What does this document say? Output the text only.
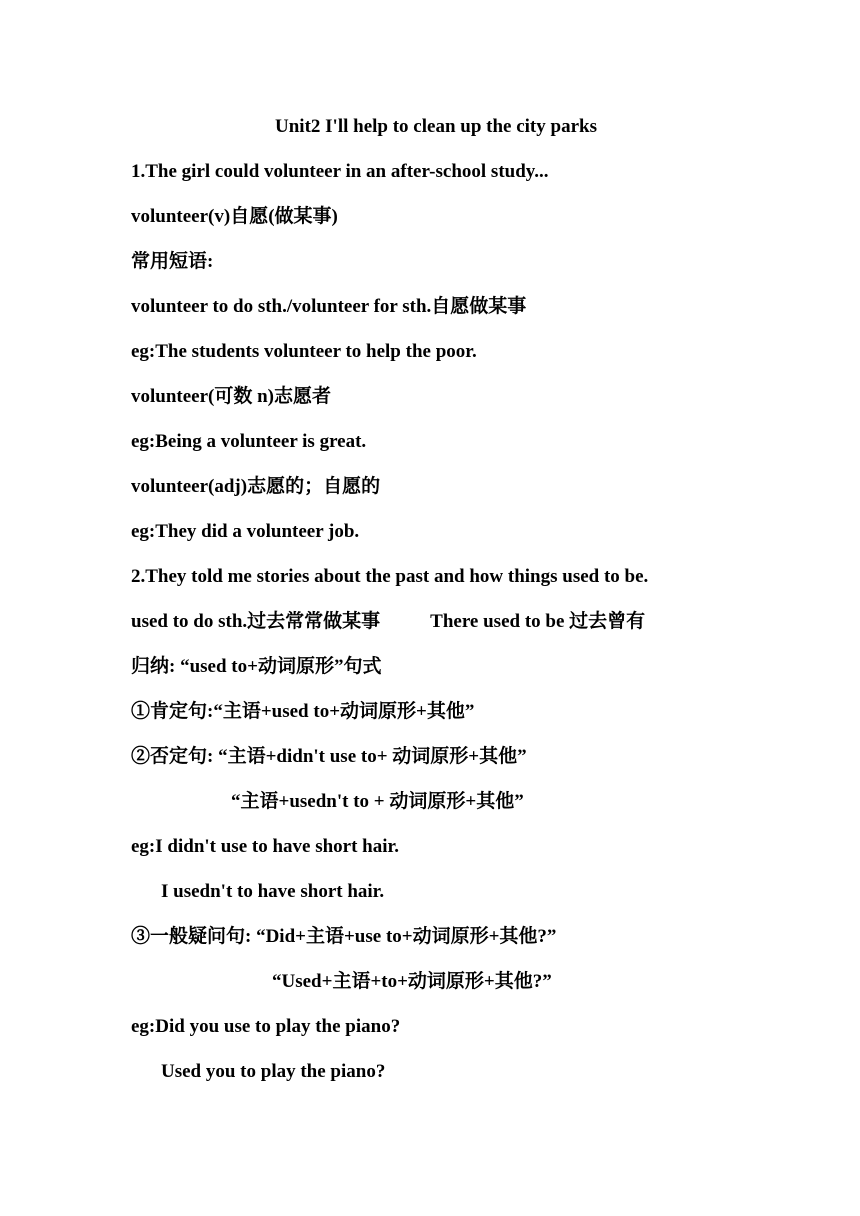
Unit2 I'll help to clean up the city parks
1.The girl could volunteer in an after-school study...
volunteer(v)自愿(做某事)
常用短语:
volunteer to do sth./volunteer for sth.自愿做某事
eg:The students volunteer to help the poor.
volunteer(可数 n)志愿者
eg:Being a volunteer is great.
volunteer(adj)志愿的；自愿的
eg:They did a volunteer job.
2.They told me stories about the past and how things used to be.
used to do sth.过去常常做某事	There used to be 过去曾有
归纳: “used to+动词原形”句式
①肯定句:“主语+used to+动词原形+其他”
②否定句: “主语+didn't use to+ 动词原形+其他”
“主语+usedn't to + 动词原形+其他”
eg:I didn't use to have short hair.
I usedn't to have short hair.
③一般疑问句: “Did+主语+use to+动词原形+其他?”
“Used+主语+to+动词原形+其他?”
eg:Did you use to play the piano?
Used you to play the piano?
